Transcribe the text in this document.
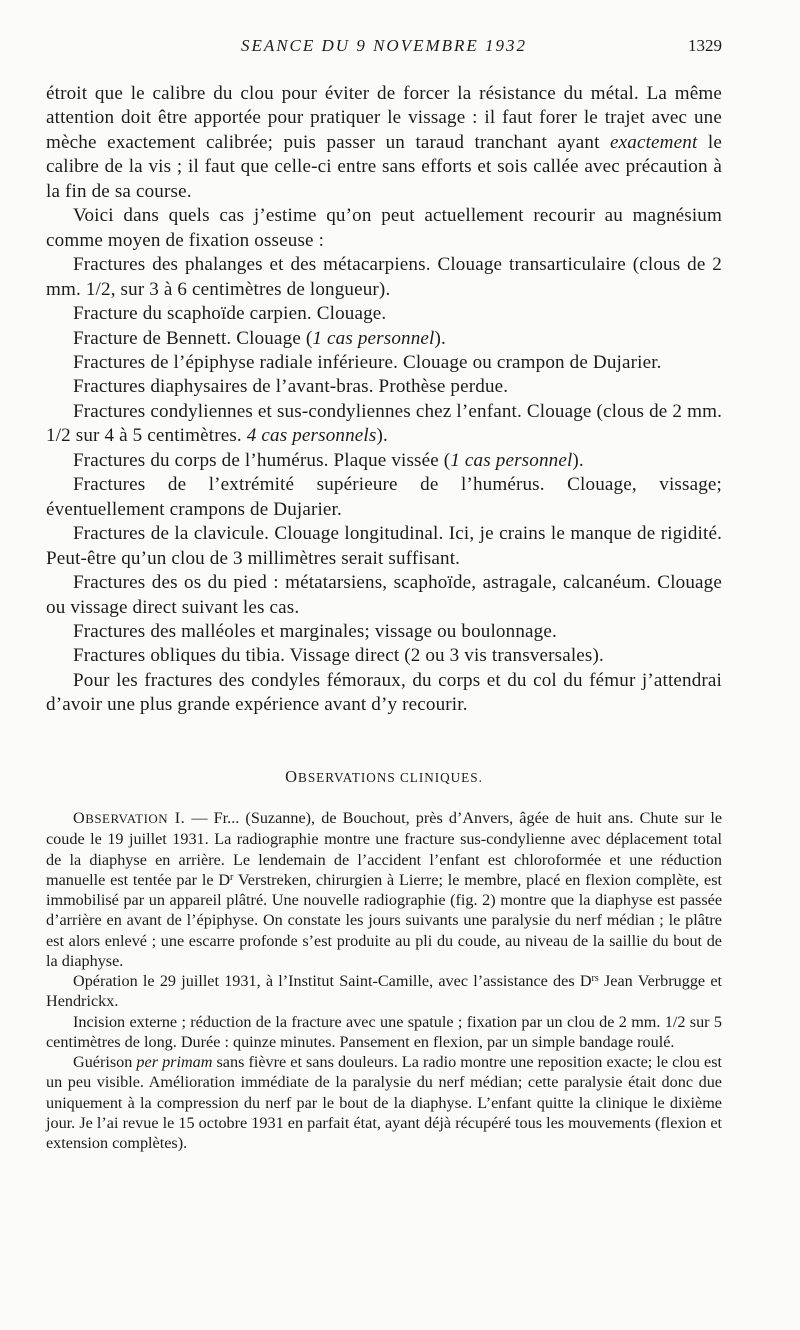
SEANCE DU 9 NOVEMBRE 1932	1329

étroit que le calibre du clou pour éviter de forcer la résistance du métal. La même attention doit être apportée pour pratiquer le vissage : il faut forer le trajet avec une mèche exactement calibrée; puis passer un taraud tranchant ayant exactement le calibre de la vis ; il faut que celle-ci entre sans efforts et sois callée avec précaution à la fin de sa course.

Voici dans quels cas j’estime qu’on peut actuellement recourir au magnésium comme moyen de fixation osseuse :

Fractures des phalanges et des métacarpiens. Clouage transarticulaire (clous de 2 mm. 1/2, sur 3 à 6 centimètres de longueur).

Fracture du scaphoïde carpien. Clouage.

Fracture de Bennett. Clouage (1 cas personnel).

Fractures de l’épiphyse radiale inférieure. Clouage ou crampon de Dujarier.

Fractures diaphysaires de l’avant-bras. Prothèse perdue.

Fractures condyliennes et sus-condyliennes chez l’enfant. Clouage (clous de 2 mm. 1/2 sur 4 à 5 centimètres. 4 cas personnels).

Fractures du corps de l’humérus. Plaque vissée (1 cas personnel).

Fractures de l’extrémité supérieure de l’humérus. Clouage, vissage; éventuellement crampons de Dujarier.

Fractures de la clavicule. Clouage longitudinal. Ici, je crains le manque de rigidité. Peut-être qu’un clou de 3 millimètres serait suffisant.

Fractures des os du pied : métatarsiens, scaphoïde, astragale, calcanéum. Clouage ou vissage direct suivant les cas.

Fractures des malléoles et marginales; vissage ou boulonnage.

Fractures obliques du tibia. Vissage direct (2 ou 3 vis transversales).

Pour les fractures des condyles fémoraux, du corps et du col du fémur j’attendrai d’avoir une plus grande expérience avant d’y recourir.

OBSERVATIONS CLINIQUES.

OBSERVATION I. — Fr... (Suzanne), de Bouchout, près d’Anvers, âgée de huit ans. Chute sur le coude le 19 juillet 1931. La radiographie montre une fracture sus-condylienne avec déplacement total de la diaphyse en arrière. Le lendemain de l’accident l’enfant est chloroformée et une réduction manuelle est tentée par le $D^r$ Verstreken, chirurgien à Lierre; le membre, placé en flexion complète, est immobilisé par un appareil plâtré. Une nouvelle radiographie (fig. 2) montre que la diaphyse est passée d’arrière en avant de l’épiphyse. On constate les jours suivants une paralysie du nerf médian ; le plâtre est alors enlevé ; une escarre profonde s’est produite au pli du coude, au niveau de la saillie du bout de la diaphyse.

Opération le 29 juillet 1931, à l’Institut Saint-Camille, avec l’assistance des $D^{rs}$ Jean Verbrugge et Hendrickx.

Incision externe ; réduction de la fracture avec une spatule ; fixation par un clou de 2 mm. 1/2 sur 5 centimètres de long. Durée : quinze minutes. Pansement en flexion, par un simple bandage roulé.

Guérison per primam sans fièvre et sans douleurs. La radio montre une reposition exacte; le clou est un peu visible. Amélioration immédiate de la paralysie du nerf médian; cette paralysie était donc due uniquement à la compression du nerf par le bout de la diaphyse. L’enfant quitte la clinique le dixième jour. Je l’ai revue le 15 octobre 1931 en parfait état, ayant déjà récupéré tous les mouvements (flexion et extension complètes).
